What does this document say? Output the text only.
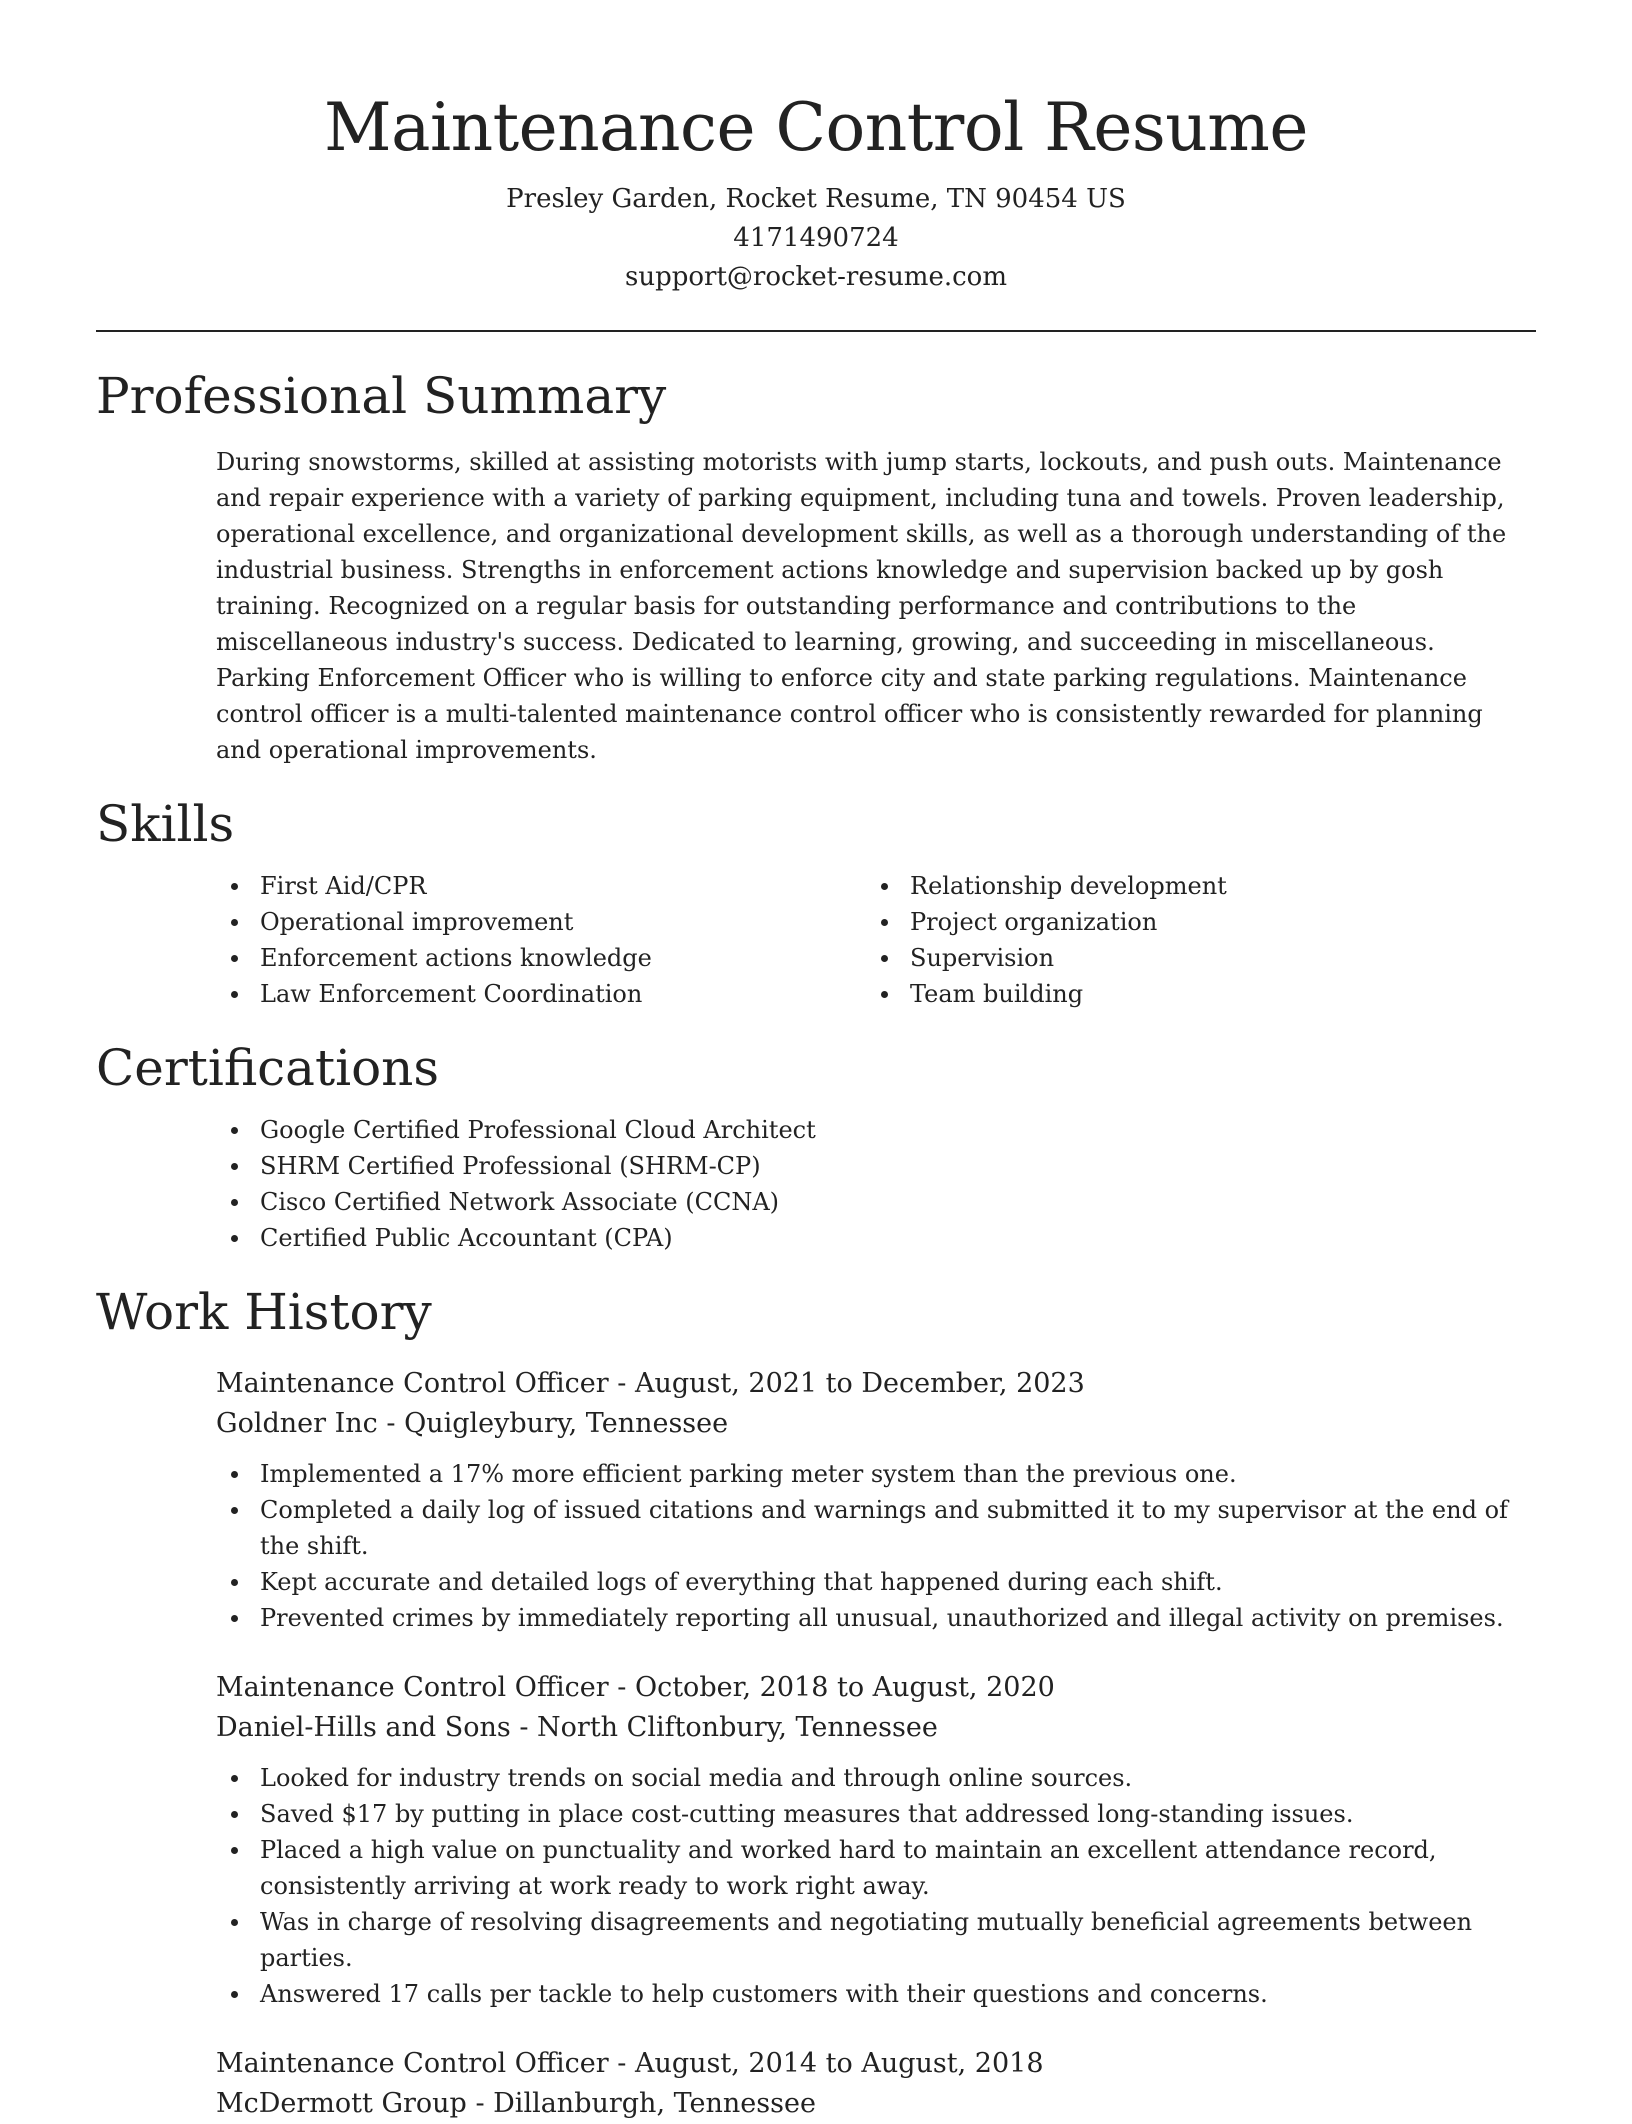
Maintenance Control Resume
Presley Garden, Rocket Resume, TN 90454 US
4171490724
support@rocket-resume.com
Professional Summary

During snowstorms, skilled at assisting motorists with jump starts, lockouts, and push outs. Maintenance and repair experience with a variety of parking equipment, including tuna and towels. Proven leadership, operational excellence, and organizational development skills, as well as a thorough understanding of the industrial business. Strengths in enforcement actions knowledge and supervision backed up by gosh training. Recognized on a regular basis for outstanding performance and contributions to the miscellaneous industry's success. Dedicated to learning, growing, and succeeding in miscellaneous. Parking Enforcement Officer who is willing to enforce city and state parking regulations. Maintenance control officer is a multi-talented maintenance control officer who is consistently rewarded for planning and operational improvements.

Skills
First Aid/CPR
Operational improvement
Enforcement actions knowledge
Law Enforcement Coordination
Relationship development
Project organization
Supervision
Team building
Certifications
Google Certified Professional Cloud Architect
SHRM Certified Professional (SHRM-CP)
Cisco Certified Network Associate (CCNA)
Certified Public Accountant (CPA)
Work History
Maintenance Control Officer - August, 2021 to December, 2023
Goldner Inc - Quigleybury, Tennessee
Implemented a 17% more efficient parking meter system than the previous one.
Completed a daily log of issued citations and warnings and submitted it to my supervisor at the end of the shift.
Kept accurate and detailed logs of everything that happened during each shift.
Prevented crimes by immediately reporting all unusual, unauthorized and illegal activity on premises.
Maintenance Control Officer - October, 2018 to August, 2020
Daniel-Hills and Sons - North Cliftonbury, Tennessee
Looked for industry trends on social media and through online sources.
Saved $17 by putting in place cost-cutting measures that addressed long-standing issues.
Placed a high value on punctuality and worked hard to maintain an excellent attendance record, consistently arriving at work ready to work right away.
Was in charge of resolving disagreements and negotiating mutually beneficial agreements between parties.
Answered 17 calls per tackle to help customers with their questions and concerns.
Maintenance Control Officer - August, 2014 to August, 2018
McDermott Group - Dillanburgh, Tennessee
